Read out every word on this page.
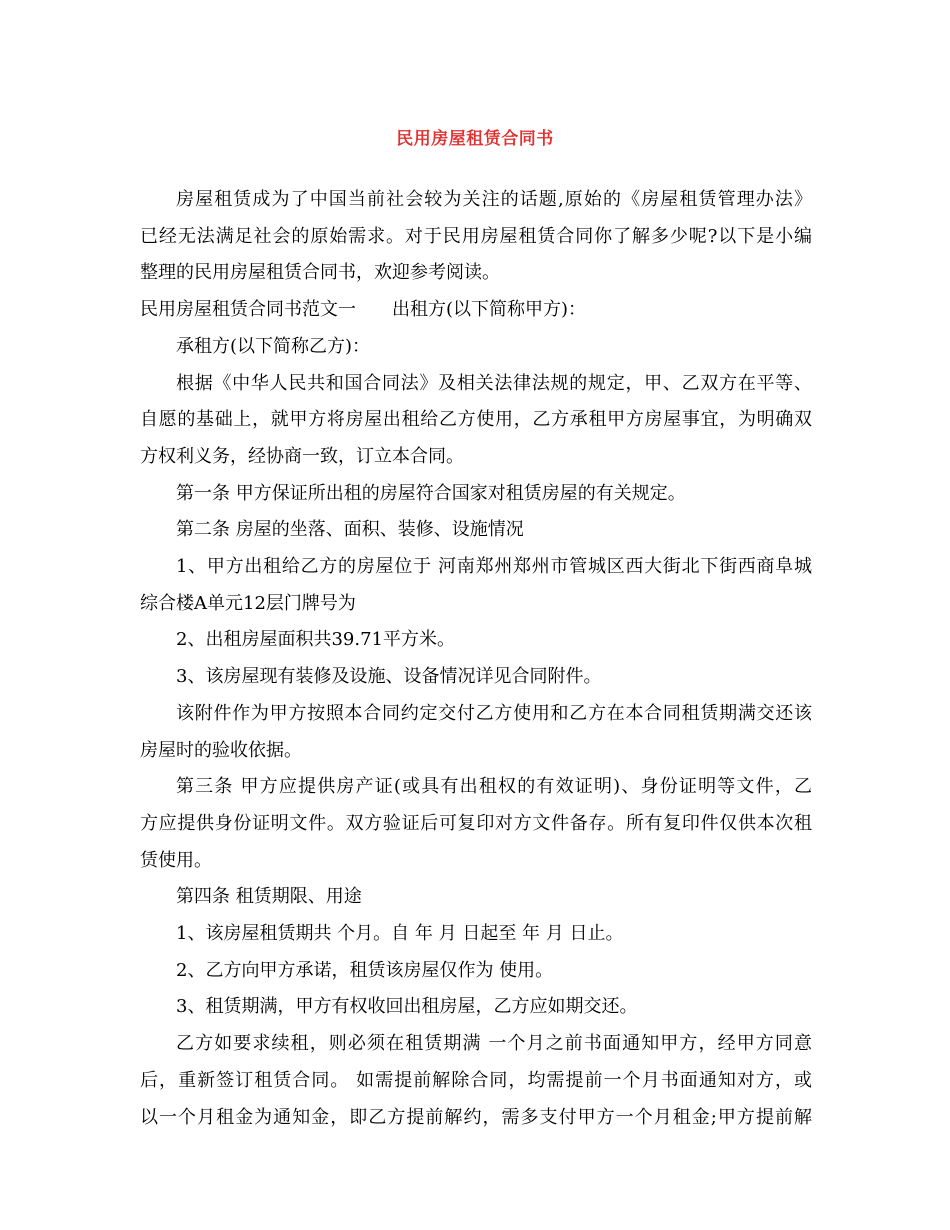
民用房屋租赁合同书

房屋租赁成为了中国当前社会较为关注的话题,原始的《房屋租赁管理办法》

已经无法满足社会的原始需求。对于民用房屋租赁合同你了解多少呢?以下是小编

整理的民用房屋租赁合同书，欢迎参考阅读。

民用房屋租赁合同书范文一　　出租方(以下简称甲方)：

承租方(以下简称乙方)：

根据《中华人民共和国合同法》及相关法律法规的规定，甲、乙双方在平等、

自愿的基础上，就甲方将房屋出租给乙方使用，乙方承租甲方房屋事宜，为明确双

方权利义务，经协商一致，订立本合同。

第一条 甲方保证所出租的房屋符合国家对租赁房屋的有关规定。

第二条 房屋的坐落、面积、装修、设施情况

1、甲方出租给乙方的房屋位于 河南郑州郑州市管城区西大街北下街西商阜城

综合楼A单元12层门牌号为

2、出租房屋面积共39.71平方米。

3、该房屋现有装修及设施、设备情况详见合同附件。

该附件作为甲方按照本合同约定交付乙方使用和乙方在本合同租赁期满交还该

房屋时的验收依据。

第三条 甲方应提供房产证(或具有出租权的有效证明)、身份证明等文件，乙

方应提供身份证明文件。双方验证后可复印对方文件备存。所有复印件仅供本次租

赁使用。

第四条 租赁期限、用途

1、该房屋租赁期共 个月。自 年 月 日起至 年 月 日止。

2、乙方向甲方承诺，租赁该房屋仅作为 使用。

3、租赁期满，甲方有权收回出租房屋，乙方应如期交还。

乙方如要求续租，则必须在租赁期满 一个月之前书面通知甲方，经甲方同意

后，重新签订租赁合同。 如需提前解除合同，均需提前一个月书面通知对方，或

以一个月租金为通知金，即乙方提前解约，需多支付甲方一个月租金;甲方提前解
